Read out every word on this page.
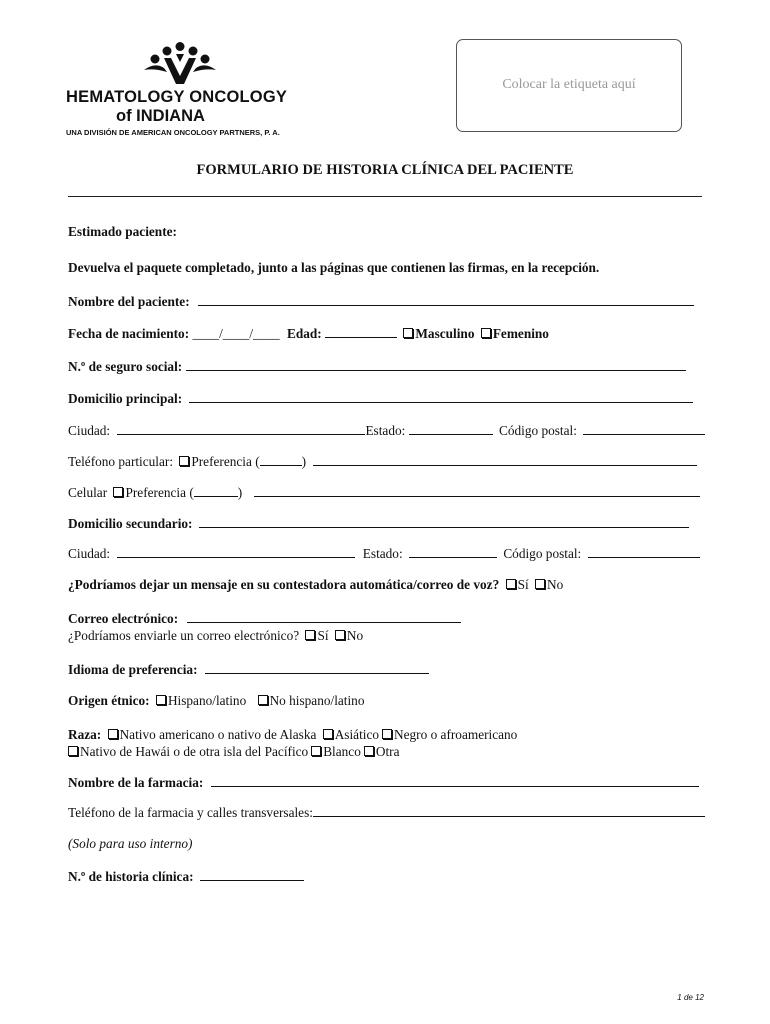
HEMATOLOGY ONCOLOGY
of INDIANA
UNA DIVISIÓN DE AMERICAN ONCOLOGY PARTNERS, P. A.
Colocar la etiqueta aquí
FORMULARIO DE HISTORIA CLÍNICA DEL PACIENTE
Estimado paciente:
Devuelva el paquete completado, junto a las páginas que contienen las firmas, en la recepción.
Nombre del paciente:
Fecha de nacimiento: ____/____/____ Edad:	Masculino Femenino
N.º de seguro social:
Domicilio principal:
Ciudad:	Estado:	Código postal:
Teléfono particular: Preferencia (	)
Celular Preferencia (	)
Domicilio secundario:
Ciudad:	Estado:	Código postal:
¿Podríamos dejar un mensaje en su contestadora automática/correo de voz? Sí No
Correo electrónico:
¿Podríamos enviarle un correo electrónico? Sí No
Idioma de preferencia:
Origen étnico: Hispano/latino No hispano/latino
Raza: Nativo americano o nativo de Alaska Asiático Negro o afroamericano
Nativo de Hawái o de otra isla del Pacífico Blanco Otra
Nombre de la farmacia:
Teléfono de la farmacia y calles transversales:
(Solo para uso interno)
N.º de historia clínica:
1 de 12
